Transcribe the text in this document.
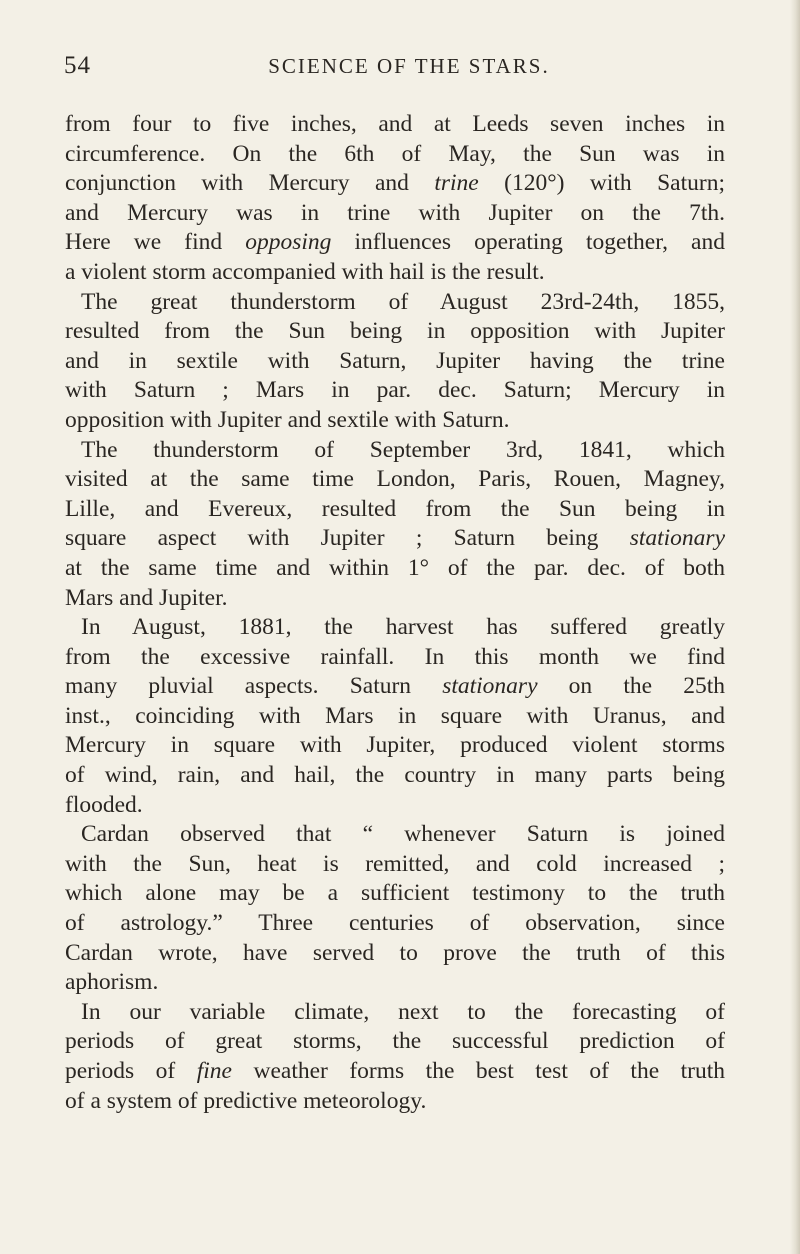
54	SCIENCE OF THE STARS.
from four to five inches, and at Leeds seven inches in
circumference. On the 6th of May, the Sun was in
conjunction with Mercury and trine (120°) with Saturn;
and Mercury was in trine with Jupiter on the 7th.
Here we find opposing influences operating together, and
a violent storm accompanied with hail is the result.
The great thunderstorm of August 23rd-24th, 1855,
resulted from the Sun being in opposition with Jupiter
and in sextile with Saturn, Jupiter having the trine
with Saturn ; Mars in par. dec. Saturn; Mercury in
opposition with Jupiter and sextile with Saturn.
The thunderstorm of September 3rd, 1841, which
visited at the same time London, Paris, Rouen, Magney,
Lille, and Evereux, resulted from the Sun being in
square aspect with Jupiter ; Saturn being stationary
at the same time and within 1° of the par. dec. of both
Mars and Jupiter.
In August, 1881, the harvest has suffered greatly
from the excessive rainfall. In this month we find
many pluvial aspects. Saturn stationary on the 25th
inst., coinciding with Mars in square with Uranus, and
Mercury in square with Jupiter, produced violent storms
of wind, rain, and hail, the country in many parts being
flooded.
Cardan observed that “ whenever Saturn is joined
with the Sun, heat is remitted, and cold increased ;
which alone may be a sufficient testimony to the truth
of astrology.” Three centuries of observation, since
Cardan wrote, have served to prove the truth of this
aphorism.
In our variable climate, next to the forecasting of
periods of great storms, the successful prediction of
periods of fine weather forms the best test of the truth
of a system of predictive meteorology.
